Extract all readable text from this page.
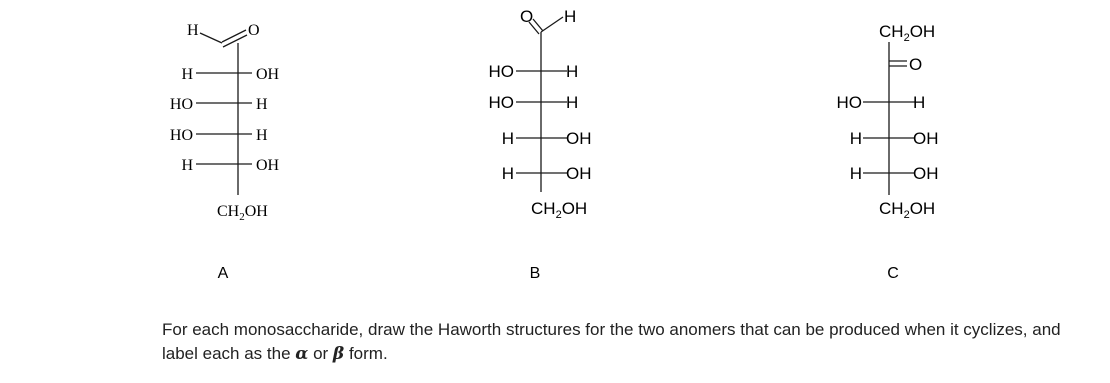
H	O
H	OH
HO	H
HO	H
H	OH
$CH_2OH$
A
O H
HO	H
HO	H
H	OH
H	OH
$CH_2OH$
B
$CH_2OH$
O
HO	H
H	OH
H	OH
$CH_2OH$
C

For each monosaccharide, draw the Haworth structures for the two anomers that can be produced when it cyclizes, and label each as the α or β form.
